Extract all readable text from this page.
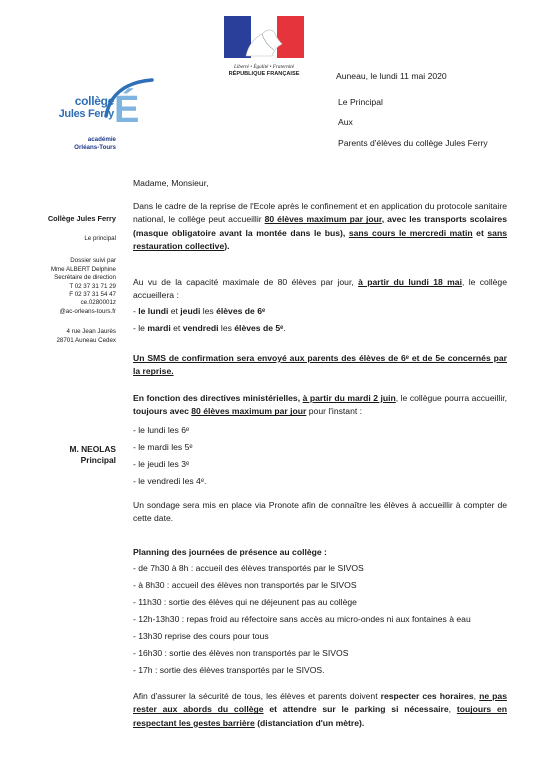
Liberté • Égalité • Fraternité
RÉPUBLIQUE FRANÇAISE
collège
Jules Ferry É
académie
Orléans-Tours
Auneau, le lundi 11 mai 2020
Le Principal
Aux
Parents d'élèves du collège Jules Ferry
Collège Jules Ferry
Le principal
Dossier suivi par
Mme ALBERT Delphine
Secrétaire de direction
T 02 37 31 71 29
F 02 37 31 54 47
ce.0280001z
@ac-orleans-tours.fr
4 rue Jean Jaurès
28701 Auneau Cedex
M. NEOLAS
Principal
Madame, Monsieur,
Dans le cadre de la reprise de l'Ecole après le confinement et en application du protocole sanitaire national, le collège peut accueillir 80 élèves maximum par jour, avec les transports scolaires (masque obligatoire avant la montée dans le bus), sans cours le mercredi matin et sans restauration collective).
Au vu de la capacité maximale de 80 élèves par jour, à partir du lundi 18 mai, le collège accueillera :
- le lundi et jeudi les élèves de 6ᵉ
- le mardi et vendredi les élèves de 5ᵉ.
Un SMS de confirmation sera envoyé aux parents des élèves de 6ᵉ et de 5e concernés par la reprise.
En fonction des directives ministérielles, à partir du mardi 2 juin, le collègue pourra accueillir, toujours avec 80 élèves maximum par jour pour l'instant :
- le lundi les 6ᵉ
- le mardi les 5ᵉ
- le jeudi les 3ᵉ
- le vendredi les 4ᵉ.
Un sondage sera mis en place via Pronote afin de connaître les élèves à accueillir à compter de cette date.
Planning des journées de présence au collège :
- de 7h30 à 8h : accueil des élèves transportés par le SIVOS
- à 8h30 : accueil des élèves non transportés par le SIVOS
- 11h30 : sortie des élèves qui ne déjeunent pas au collège
- 12h-13h30 : repas froid au réfectoire sans accès au micro-ondes ni aux fontaines à eau
- 13h30 reprise des cours pour tous
- 16h30 : sortie des élèves non transportés par le SIVOS
- 17h : sortie des élèves transportés par le SIVOS.
Afin d'assurer la sécurité de tous, les élèves et parents doivent respecter ces horaires, ne pas rester aux abords du collège et attendre sur le parking si nécessaire, toujours en respectant les gestes barrière (distanciation d'un mètre).
